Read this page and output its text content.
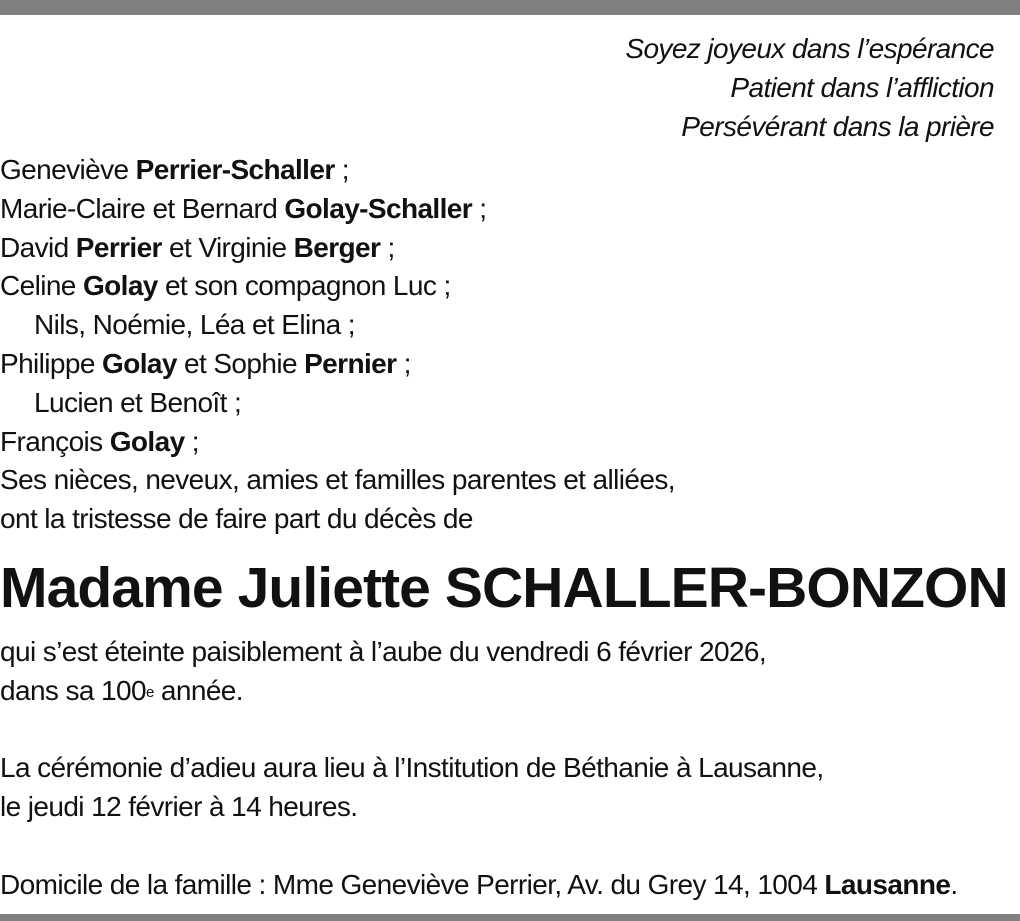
Soyez joyeux dans l’espérance
Patient dans l’affliction
Persévérant dans la prière
Geneviève Perrier-Schaller ;
Marie-Claire et Bernard Golay-Schaller ;
David Perrier et Virginie Berger ;
Celine Golay et son compagnon Luc ;
Nils, Noémie, Léa et Elina ;
Philippe Golay et Sophie Pernier ;
Lucien et Benoît ;
François Golay ;
Ses nièces, neveux, amies et familles parentes et alliées,
ont la tristesse de faire part du décès de
Madame Juliette SCHALLER-BONZON
qui s’est éteinte paisiblement à l’aube du vendredi 6 février 2026,
dans sa 100e année.
La cérémonie d’adieu aura lieu à l’Institution de Béthanie à Lausanne,
le jeudi 12 février à 14 heures.
Domicile de la famille : Mme Geneviève Perrier, Av. du Grey 14, 1004 Lausanne.
